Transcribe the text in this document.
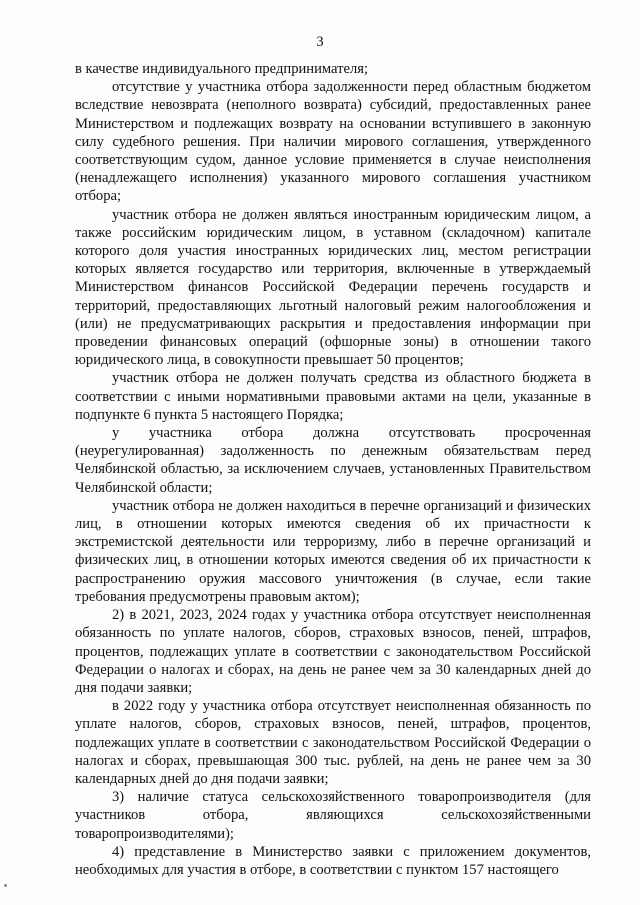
3

в качестве индивидуального предпринимателя;

отсутствие у участника отбора задолженности перед областным бюджетом вследствие невозврата (неполного возврата) субсидий, предоставленных ранее Министерством и подлежащих возврату на основании вступившего в законную силу судебного решения. При наличии мирового соглашения, утвержденного соответствующим судом, данное условие применяется в случае неисполнения (ненадлежащего исполнения) указанного мирового соглашения участником отбора;

участник отбора не должен являться иностранным юридическим лицом, а также российским юридическим лицом, в уставном (складочном) капитале которого доля участия иностранных юридических лиц, местом регистрации которых является государство или территория, включенные в утверждаемый Министерством финансов Российской Федерации перечень государств и территорий, предоставляющих льготный налоговый режим налогообложения и (или) не предусматривающих раскрытия и предоставления информации при проведении финансовых операций (офшорные зоны) в отношении такого юридического лица, в совокупности превышает 50 процентов;

участник отбора не должен получать средства из областного бюджета в соответствии с иными нормативными правовыми актами на цели, указанные в подпункте 6 пункта 5 настоящего Порядка;

у участника отбора должна отсутствовать просроченная (неурегулированная) задолженность по денежным обязательствам перед Челябинской областью, за исключением случаев, установленных Правительством Челябинской области;

участник отбора не должен находиться в перечне организаций и физических лиц, в отношении которых имеются сведения об их причастности к экстремистской деятельности или терроризму, либо в перечне организаций и физических лиц, в отношении которых имеются сведения об их причастности к распространению оружия массового уничтожения (в случае, если такие требования предусмотрены правовым актом);

2) в 2021, 2023, 2024 годах у участника отбора отсутствует неисполненная обязанность по уплате налогов, сборов, страховых взносов, пеней, штрафов, процентов, подлежащих уплате в соответствии с законодательством Российской Федерации о налогах и сборах, на день не ранее чем за 30 календарных дней до дня подачи заявки;

в 2022 году у участника отбора отсутствует неисполненная обязанность по уплате налогов, сборов, страховых взносов, пеней, штрафов, процентов, подлежащих уплате в соответствии с законодательством Российской Федерации о налогах и сборах, превышающая 300 тыс. рублей, на день не ранее чем за 30 календарных дней до дня подачи заявки;

3) наличие статуса сельскохозяйственного товаропроизводителя (для участников отбора, являющихся сельскохозяйственными товаропроизводителями);

4) представление в Министерство заявки с приложением документов, необходимых для участия в отборе, в соответствии с пунктом 157 настоящего
